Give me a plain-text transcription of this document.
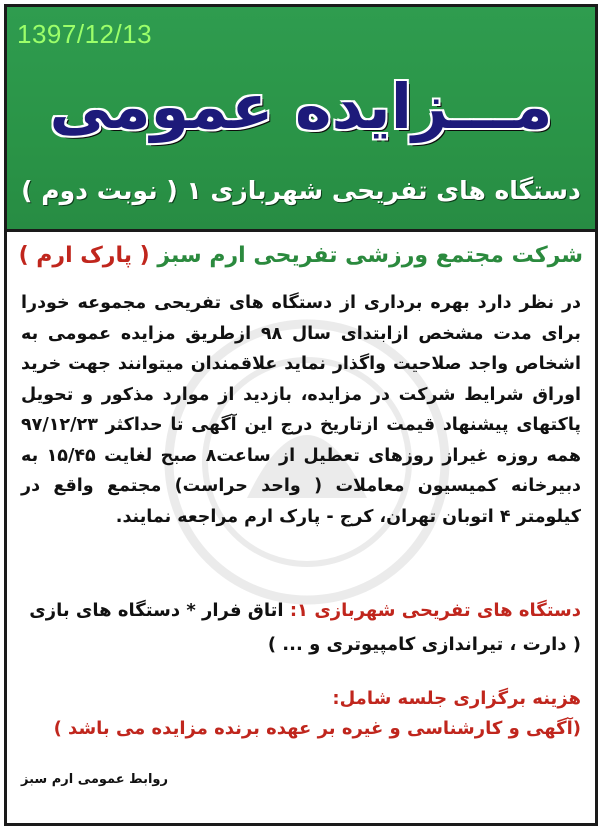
1397/12/13
مـــزایده عمومی
دستگاه های تفریحی شهربازی ۱ ( نوبت دوم )
شرکت مجتمع ورزشی تفریحی ارم سبز ( پارک ارم )
در نظر دارد بهره برداری از دستگاه های تفریحی مجموعه خودرا برای مدت مشخص ازابتدای سال ۹۸ ازطریق مزایده عمومی به اشخاص واجد صلاحیت واگذار نماید علاقمندان میتوانند جهت خرید اوراق شرایط شرکت در مزایده، بازدید از موارد مذکور و تحویل پاکتهای پیشنهاد قیمت ازتاریخ درج این آگهی تا حداکثر ۹۷/۱۲/۲۳ همه روزه غیراز روزهای تعطیل از ساعت۸ صبح لغایت ۱۵/۴۵ به دبیرخانه کمیسیون معاملات ( واحد حراست) مجتمع واقع در کیلومتر ۴ اتوبان تهران، کرج - پارک ارم مراجعه نمایند.
دستگاه های تفریحی شهربازی ۱: اتاق فرار * دستگاه های بازی ( دارت ، تیراندازی کامپیوتری و ... )
هزینه برگزاری جلسه شامل:
(آگهی و کارشناسی و غیره بر عهده برنده مزایده می باشد )
روابط عمومی ارم سبز
